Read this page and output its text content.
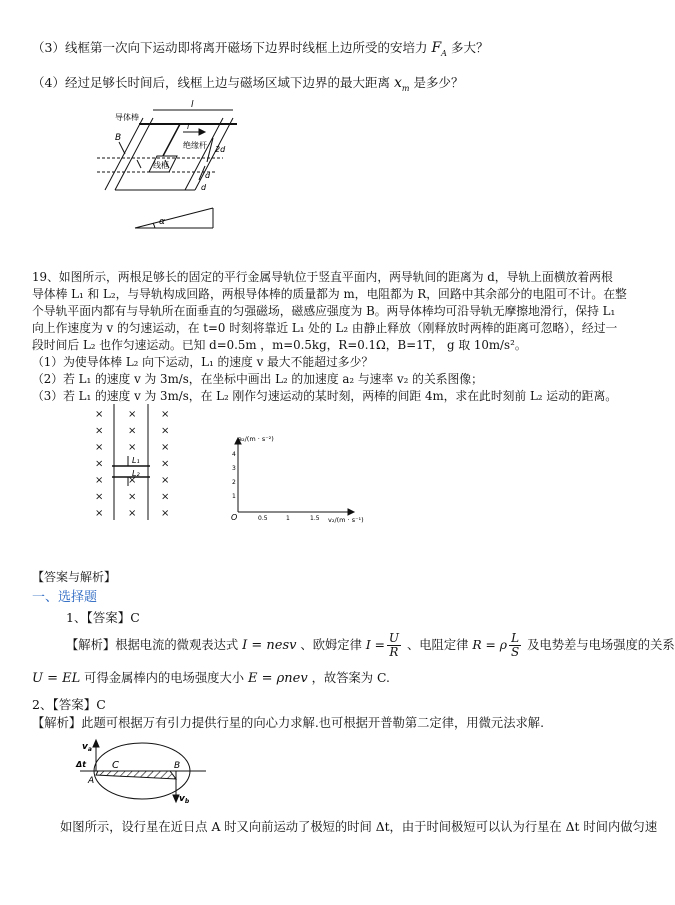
（3）线框第一次向下运动即将离开磁场下边界时线框上边所受的安培力 $F_A$ 多大？
（4）经过足够长时间后，线框上边与磁场区域下边界的最大距离 $x_m$ 是多少？
导体棒
l
i
绝缘杆
线框
B
2d
d
d
α
19、如图所示，两根足够长的固定的平行金属导轨位于竖直平面内，两导轨间的距离为 d，导轨上面横放着两根
导体棒 L₁ 和 L₂，与导轨构成回路，两根导体棒的质量都为 m，电阻都为 R，回路中其余部分的电阻可不计。在整
个导轨平面内都有与导轨所在面垂直的匀强磁场，磁感应强度为 B。两导体棒均可沿导轨无摩擦地滑行，保持 L₁
向上作速度为 v 的匀速运动，在 t=0 时刻将靠近 L₁ 处的 L₂ 由静止释放（刚释放时两棒的距离可忽略），经过一
段时间后 L₂ 也作匀速运动。已知 d=0.5m ，m=0.5kg，R=0.1Ω，B=1T， g 取 10m/s²。
（1）为使导体棒 L₂ 向下运动，L₁ 的速度 v 最大不能超过多少？
（2）若 L₁ 的速度 v 为 3m/s，在坐标中画出 L₂ 的加速度 a₂ 与速率 v₂ 的关系图像；
（3）若 L₁ 的速度 v 为 3m/s，在 L₂ 刚作匀速运动的某时刻，两棒的间距 4m，求在此时刻前 L₂ 运动的距离。
× × ×
× × ×
× × ×
×	×
× × ×
× × ×
× × ×
L₁
L₂
a₂/(m · s⁻²)
v₂/(m · s⁻¹)
O
1
2
3
4
0.5	1	1.5
【答案与解析】
一、选择题
1、【答案】C
【解析】根据电流的微观表达式 I = nesv 、欧姆定律 $I = \frac{U}{R}$ 、电阻定律 R = ρ $\frac{L}{S}$ 及电势差与电场强度的关系
U = EL 可得金属棒内的电场强度大小 E = ρnev ，故答案为 C.
2、【答案】C
【解析】此题可根据万有引力提供行星的向心力求解.也可根据开普勒第二定律，用微元法求解.
$v_a$
Δt	C
A
B
$v_b$
如图所示，设行星在近日点 A 时又向前运动了极短的时间 Δt，由于时间极短可以认为行星在 Δt 时间内做匀速
